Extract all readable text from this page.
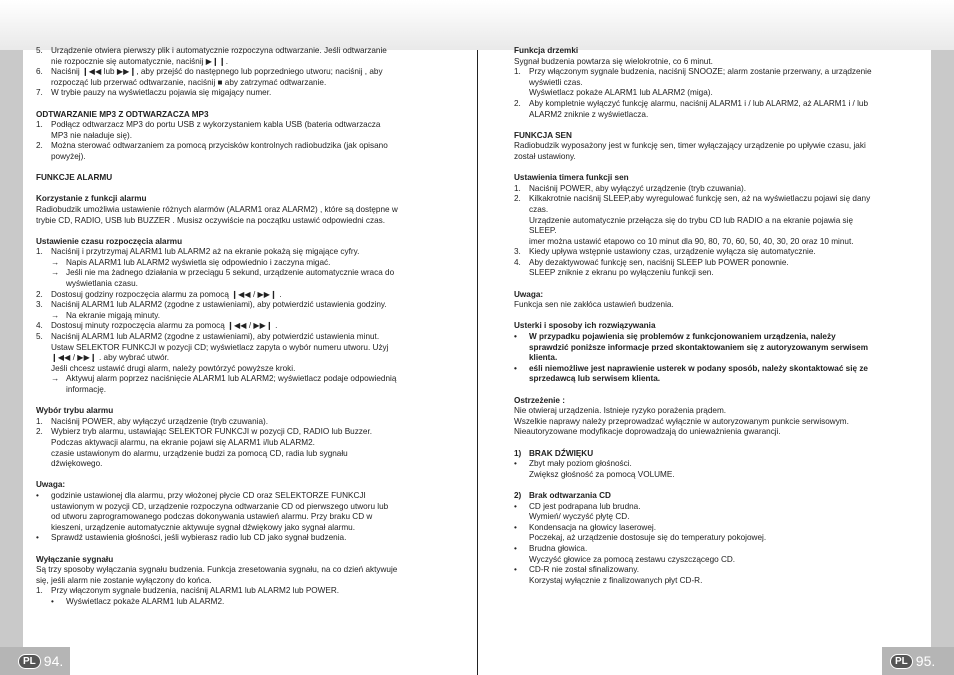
5. Urządzenie otwiera pierwszy plik i automatycznie rozpoczyna odtwarzanie. Jeśli odtwarzanie
nie rozpocznie się automatycznie, naciśnij ▶❙❙.
6. Naciśnij ❙◀◀ lub ▶▶❙, aby przejść do następnego lub poprzedniego utworu; naciśnij , aby
rozpocząć lub przerwać odtwarzanie, naciśnij ■ aby zatrzymać odtwarzanie.
7. W trybie pauzy na wyświetlaczu pojawia się migający numer.
ODTWARZANIE MP3 Z ODTWARZACZA MP3
1. Podłącz odtwarzacz MP3 do portu USB z wykorzystaniem kabla USB (bateria odtwarzacza
MP3 nie naładuje się).
2. Można sterować odtwarzaniem za pomocą przycisków kontrolnych radiobudzika (jak opisano
powyżej).
FUNKCJE ALARMU
Korzystanie z funkcji alarmu
Radiobudzik umożliwia ustawienie różnych alarmów (ALARM1 oraz ALARM2) , które są dostępne w
trybie CD, RADIO, USB lub BUZZER . Musisz oczywiście na początku ustawić odpowiedni czas.
Ustawienie czasu rozpoczęcia alarmu
1. Naciśnij i przytrzymaj ALARM1 lub ALARM2 aż na ekranie pokażą się migające cyfry.
→ Napis ALARM1 lub ALARM2 wyświetla się odpowiednio i zaczyna migać.
→ Jeśli nie ma żadnego działania w przeciągu 5 sekund, urządzenie automatycznie wraca do
wyświetlania czasu.
2. Dostosuj godziny rozpoczęcia alarmu za pomocą ❙◀◀ / ▶▶❙ .
3. Naciśnij ALARM1 lub ALARM2 (zgodne z ustawieniami), aby potwierdzić ustawienia godziny.
→ Na ekranie migają minuty.
4. Dostosuj minuty rozpoczęcia alarmu za pomocą ❙◀◀ / ▶▶❙ .
5. Naciśnij ALARM1 lub ALARM2 (zgodne z ustawieniami), aby potwierdzić ustawienia minut.
Ustaw SELEKTOR FUNKCJI w pozycji CD; wyświetlacz zapyta o wybór numeru utworu. Użyj
❙◀◀ / ▶▶❙ . aby wybrać utwór.
Jeśli chcesz ustawić drugi alarm, należy powtórzyć powyższe kroki.
→ Aktywuj alarm poprzez naciśnięcie ALARM1 lub ALARM2; wyświetlacz podaje odpowiednią
informację.
Wybór trybu alarmu
1. Naciśnij POWER, aby wyłączyć urządzenie (tryb czuwania).
2. Wybierz tryb alarmu, ustawiając SELEKTOR FUNKCJI w pozycji CD, RADIO lub Buzzer.
Podczas aktywacji alarmu, na ekranie pojawi się ALARM1 i/lub ALARM2.
czasie ustawionym do alarmu, urządzenie budzi za pomocą CD, radia lub sygnału
dźwiękowego.
Uwaga:
•	godzinie ustawionej dla alarmu, przy włożonej płycie CD oraz SELEKTORZE FUNKCJI
ustawionym w pozycji CD, urządzenie rozpoczyna odtwarzanie CD od pierwszego utworu lub
od utworu zaprogramowanego podczas dokonywania ustawień alarmu. Przy braku CD w
kieszeni, urządzenie automatycznie aktywuje sygnał dźwiękowy jako sygnał alarmu.
•	Sprawdź ustawienia głośności, jeśli wybierasz radio lub CD jako sygnał budzenia.
Wyłączanie sygnału
Są trzy sposoby wyłączania sygnału budzenia. Funkcja zresetowania sygnału, na co dzień aktywuje
się, jeśli alarm nie zostanie wyłączony do końca.
1. Przy włączonym sygnale budzenia, naciśnij ALARM1 lub ALARM2 lub POWER.
•	Wyświetlacz pokaże ALARM1 lub ALARM2.
Funkcja drzemki
Sygnał budzenia powtarza się wielokrotnie, co 6 minut.
1. Przy włączonym sygnale budzenia, naciśnij SNOOZE; alarm zostanie przerwany, a urządzenie
wyświetli czas.
Wyświetlacz pokaże ALARM1 lub ALARM2 (miga).
2. Aby kompletnie wyłączyć funkcję alarmu, naciśnij ALARM1 i / lub ALARM2, aż ALARM1 i / lub
ALARM2 zniknie z wyświetlacza.
FUNKCJA SEN
Radiobudzik wyposażony jest w funkcję sen, timer wyłączający urządzenie po upływie czasu, jaki
został ustawiony.
Ustawienia timera funkcji sen
1. Naciśnij POWER, aby wyłączyć urządzenie (tryb czuwania).
2. Kilkakrotnie naciśnij SLEEP,aby wyregulować funkcję sen, aż na wyświetlaczu pojawi się dany
czas.
Urządzenie automatycznie przełącza się do trybu CD lub RADIO a na ekranie pojawia się
SLEEP.
imer można ustawić etapowo co 10 minut dla 90, 80, 70, 60, 50, 40, 30, 20 oraz 10 minut.
3. Kiedy upływa wstępnie ustawiony czas, urządzenie wyłącza się automatycznie.
4. Aby dezaktywować funkcję sen, naciśnij SLEEP lub POWER ponownie.
SLEEP zniknie z ekranu po wyłączeniu funkcji sen.
Uwaga:
Funkcja sen nie zakłóca ustawień budzenia.
Usterki i sposoby ich rozwiązywania
•	W przypadku pojawienia się problemów z funkcjonowaniem urządzenia, należy
sprawdzić poniższe informacje przed skontaktowaniem się z autoryzowanym serwisem
klienta.
•	eśli niemożliwe jest naprawienie usterek w podany sposób, należy skontaktować się ze
sprzedawcą lub serwisem klienta.
Ostrzeżenie :
Nie otwieraj urządzenia. Istnieje ryzyko porażenia prądem.
Wszelkie naprawy należy przeprowadzać wyłącznie w autoryzowanym punkcie serwisowym.
Nieautoryzowane modyfikacje doprowadzają do unieważnienia gwarancji.
1) BRAK DŹWIĘKU
•	Zbyt mały poziom głośności.
Zwiększ głośność za pomocą VOLUME.
2) Brak odtwarzania CD
•	CD jest podrapana lub brudna.
Wymień/ wyczyść płytę CD.
•	Kondensacja na głowicy laserowej.
Poczekaj, aż urządzenie dostosuje się do temperatury pokojowej.
•	Brudna głowica.
Wyczyść głowice za pomocą zestawu czyszczącego CD.
•	CD-R nie został sfinalizowany.
Korzystaj wyłącznie z finalizowanych płyt CD-R.
PL 94.	PL 95.
